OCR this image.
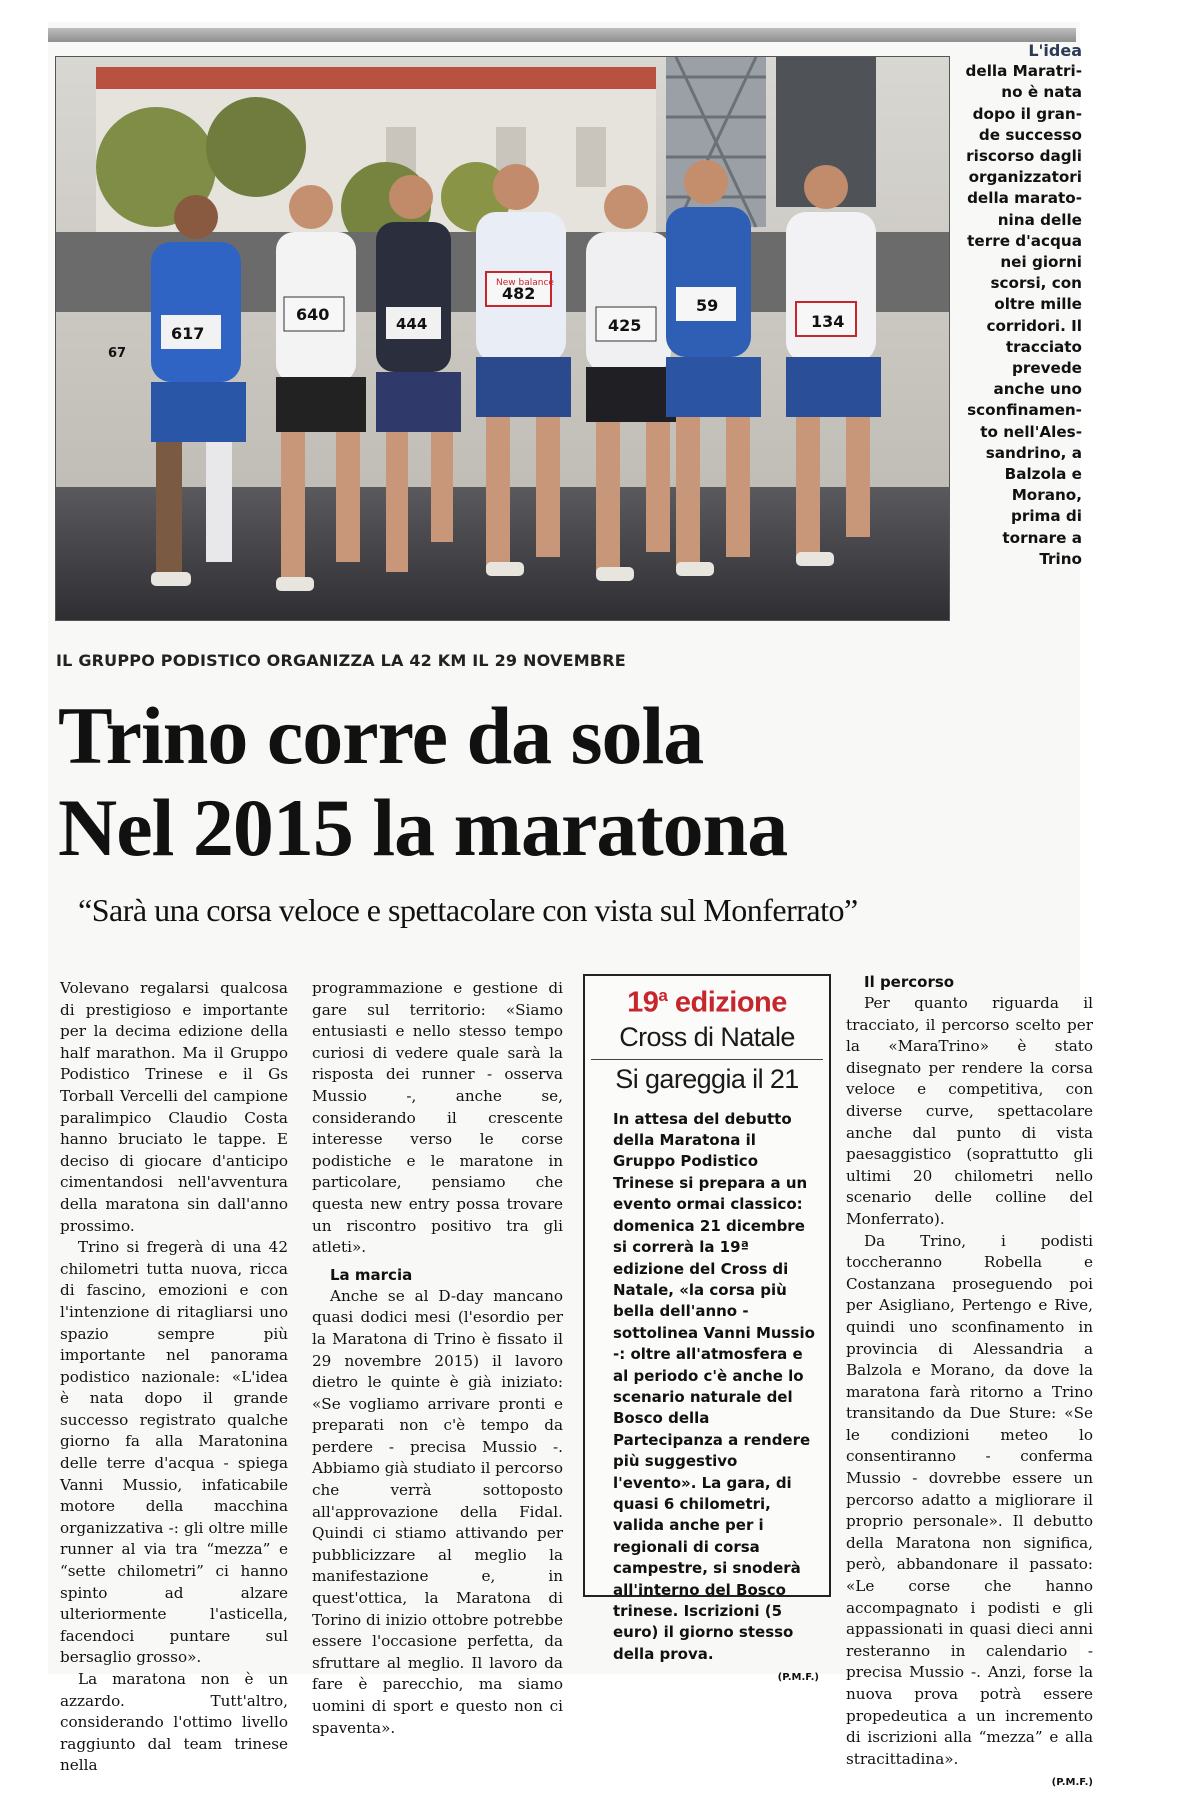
617
640	444
482
425
59
134
67
New balance
L'idea
della Maratri-
no è nata
dopo il gran-
de successo
riscorso dagli
organizzatori
della marato-
nina delle
terre d'acqua
nei giorni
scorsi, con
oltre mille
corridori. Il
tracciato
prevede
anche uno
sconfinamen-
to nell'Ales-
sandrino, a
Balzola e
Morano,
prima di
tornare a
Trino
IL GRUPPO PODISTICO ORGANIZZA LA 42 KM IL 29 NOVEMBRE
Trino corre da sola
Nel 2015 la maratona
“Sarà una corsa veloce e spettacolare con vista sul Monferrato”

Volevano regalarsi qualcosa di prestigioso e importante per la decima edizione della half marathon. Ma il Gruppo Podistico Trinese e il Gs Torball Vercelli del campione paralimpico Claudio Costa hanno bruciato le tappe. E deciso di giocare d'anticipo cimentandosi nell'avventura della maratona sin dall'anno prossimo.

Trino si fregerà di una 42 chilometri tutta nuova, ricca di fascino, emozioni e con l'intenzione di ritagliarsi uno spazio sempre più importante nel panorama podistico nazionale: «L'idea è nata dopo il grande successo registrato qualche giorno fa alla Maratonina delle terre d'acqua - spiega Vanni Mussio, infaticabile motore della macchina organizzativa -: gli oltre mille runner al via tra “mezza” e “sette chilometri” ci hanno spinto ad alzare ulteriormente l'asticella, facendoci puntare sul bersaglio grosso».

La maratona non è un azzardo. Tutt'altro, considerando l'ottimo livello raggiunto dal team trinese nella

programmazione e gestione di gare sul territorio: «Siamo entusiasti e nello stesso tempo curiosi di vedere quale sarà la risposta dei runner - osserva Mussio -, anche se, considerando il crescente interesse verso le corse podistiche e le maratone in particolare, pensiamo che questa new entry possa trovare un riscontro positivo tra gli atleti».

La marcia

Anche se al D-day mancano quasi dodici mesi (l'esordio per la Maratona di Trino è fissato il 29 novembre 2015) il lavoro dietro le quinte è già iniziato: «Se vogliamo arrivare pronti e preparati non c'è tempo da perdere - precisa Mussio -. Abbiamo già studiato il percorso che verrà sottoposto all'approvazione della Fidal. Quindi ci stiamo attivando per pubblicizzare al meglio la manifestazione e, in quest'ottica, la Maratona di Torino di inizio ottobre potrebbe essere l'occasione perfetta, da sfruttare al meglio. Il lavoro da fare è parecchio, ma siamo uomini di sport e questo non ci spaventa».

19$^a$ edizione
Cross di Natale
Si gareggia il 21
In attesa del debutto della Maratona il Gruppo Podistico Trinese si prepara a un evento ormai classico: domenica 21 dicembre si correrà la 19ª edizione del Cross di Natale, «la corsa più bella dell'anno - sottolinea Vanni Mussio -: oltre all'atmosfera e al periodo c'è anche lo scenario naturale del Bosco della Partecipanza a rendere più suggestivo l'evento». La gara, di quasi 6 chilometri, valida anche per i regionali di corsa campestre, si snoderà all'interno del Bosco trinese. Iscrizioni (5 euro) il giorno stesso della prova.
(P.M.F.)
Il percorso

Per quanto riguarda il tracciato, il percorso scelto per la «MaraTrino» è stato disegnato per rendere la corsa veloce e competitiva, con diverse curve, spettacolare anche dal punto di vista paesaggistico (soprattutto gli ultimi 20 chilometri nello scenario delle colline del Monferrato).

Da Trino, i podisti toccheranno Robella e Costanzana proseguendo poi per Asigliano, Pertengo e Rive, quindi uno sconfinamento in provincia di Alessandria a Balzola e Morano, da dove la maratona farà ritorno a Trino transitando da Due Sture: «Se le condizioni meteo lo consentiranno - conferma Mussio - dovrebbe essere un percorso adatto a migliorare il proprio personale». Il debutto della Maratona non significa, però, abbandonare il passato: «Le corse che hanno accompagnato i podisti e gli appassionati in quasi dieci anni resteranno in calendario - precisa Mussio -. Anzi, forse la nuova prova potrà essere propedeutica a un incremento di iscrizioni alla “mezza” e alla stracittadina».

(P.M.F.)
